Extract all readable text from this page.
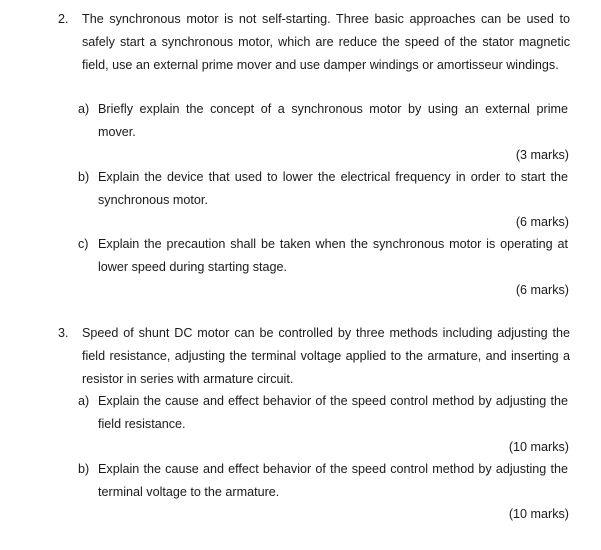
2. The synchronous motor is not self-starting. Three basic approaches can be used to safely start a synchronous motor, which are reduce the speed of the stator magnetic field, use an external prime mover and use damper windings or amortisseur windings.
a) Briefly explain the concept of a synchronous motor by using an external prime mover.
(3 marks)
b) Explain the device that used to lower the electrical frequency in order to start the synchronous motor.
(6 marks)
c) Explain the precaution shall be taken when the synchronous motor is operating at lower speed during starting stage.
(6 marks)
3. Speed of shunt DC motor can be controlled by three methods including adjusting the field resistance, adjusting the terminal voltage applied to the armature, and inserting a resistor in series with armature circuit.
a) Explain the cause and effect behavior of the speed control method by adjusting the field resistance.
(10 marks)
b) Explain the cause and effect behavior of the speed control method by adjusting the terminal voltage to the armature.
(10 marks)
